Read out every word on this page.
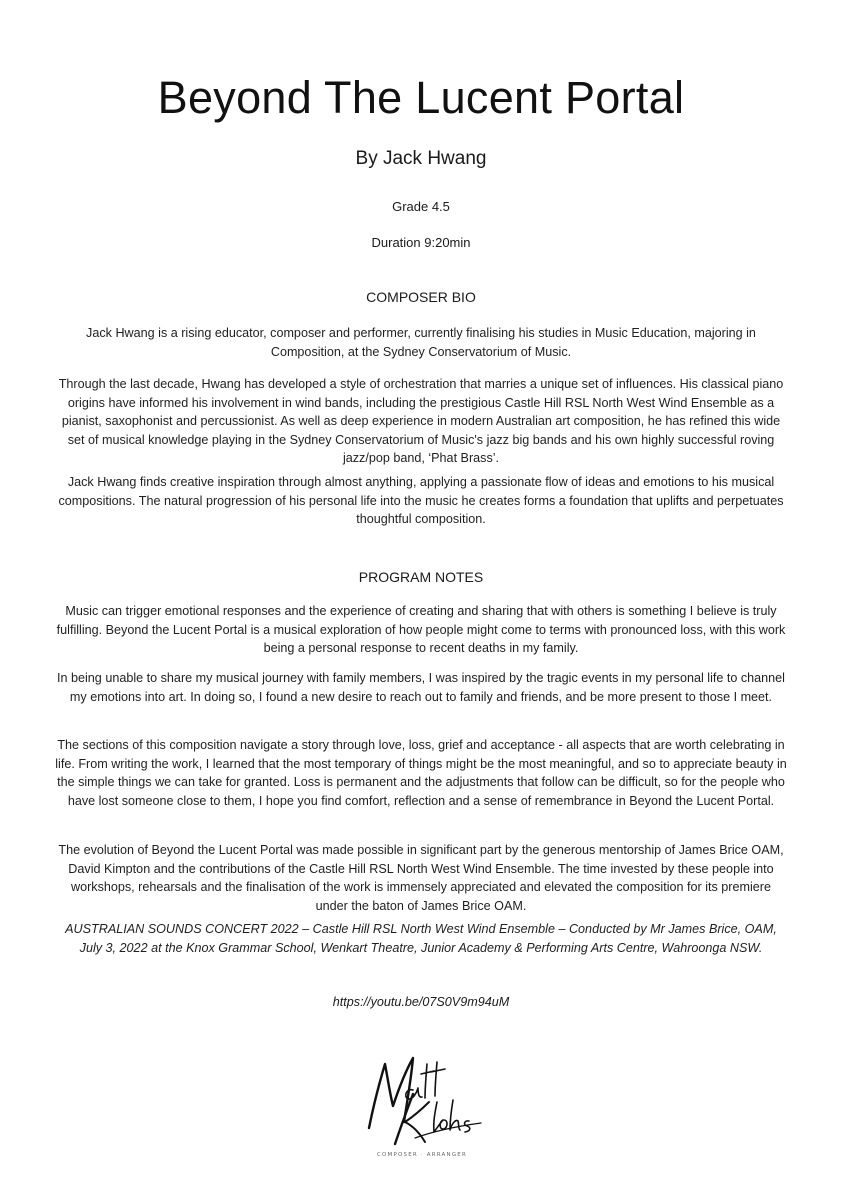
Beyond The Lucent Portal

By Jack Hwang

Grade 4.5

Duration 9:20min

COMPOSER BIO

Jack Hwang is a rising educator, composer and performer, currently finalising his studies in Music Education, majoring in Composition, at the Sydney Conservatorium of Music.

Through the last decade, Hwang has developed a style of orchestration that marries a unique set of influences. His classical piano origins have informed his involvement in wind bands, including the prestigious Castle Hill RSL North West Wind Ensemble as a pianist, saxophonist and percussionist. As well as deep experience in modern Australian art composition, he has refined this wide set of musical knowledge playing in the Sydney Conservatorium of Music's jazz big bands and his own highly successful roving jazz/pop band, ‘Phat Brass’.

Jack Hwang finds creative inspiration through almost anything, applying a passionate flow of ideas and emotions to his musical compositions. The natural progression of his personal life into the music he creates forms a foundation that uplifts and perpetuates thoughtful composition.

PROGRAM NOTES

Music can trigger emotional responses and the experience of creating and sharing that with others is something I believe is truly fulfilling. Beyond the Lucent Portal is a musical exploration of how people might come to terms with pronounced loss, with this work being a personal response to recent deaths in my family.

In being unable to share my musical journey with family members, I was inspired by the tragic events in my personal life to channel my emotions into art. In doing so, I found a new desire to reach out to family and friends, and be more present to those I meet.

The sections of this composition navigate a story through love, loss, grief and acceptance - all aspects that are worth celebrating in life. From writing the work, I learned that the most temporary of things might be the most meaningful, and so to appreciate beauty in the simple things we can take for granted. Loss is permanent and the adjustments that follow can be difficult, so for the people who have lost someone close to them, I hope you find comfort, reflection and a sense of remembrance in Beyond the Lucent Portal.

The evolution of Beyond the Lucent Portal was made possible in significant part by the generous mentorship of James Brice OAM, David Kimpton and the contributions of the Castle Hill RSL North West Wind Ensemble. The time invested by these people into workshops, rehearsals and the finalisation of the work is immensely appreciated and elevated the composition for its premiere under the baton of James Brice OAM.

AUSTRALIAN SOUNDS CONCERT 2022 – Castle Hill RSL North West Wind Ensemble – Conducted by Mr James Brice, OAM, July 3, 2022 at the Knox Grammar School, Wenkart Theatre, Junior Academy & Performing Arts Centre, Wahroonga NSW.

https://youtu.be/07S0V9m94uM

COMPOSER · ARRANGER
